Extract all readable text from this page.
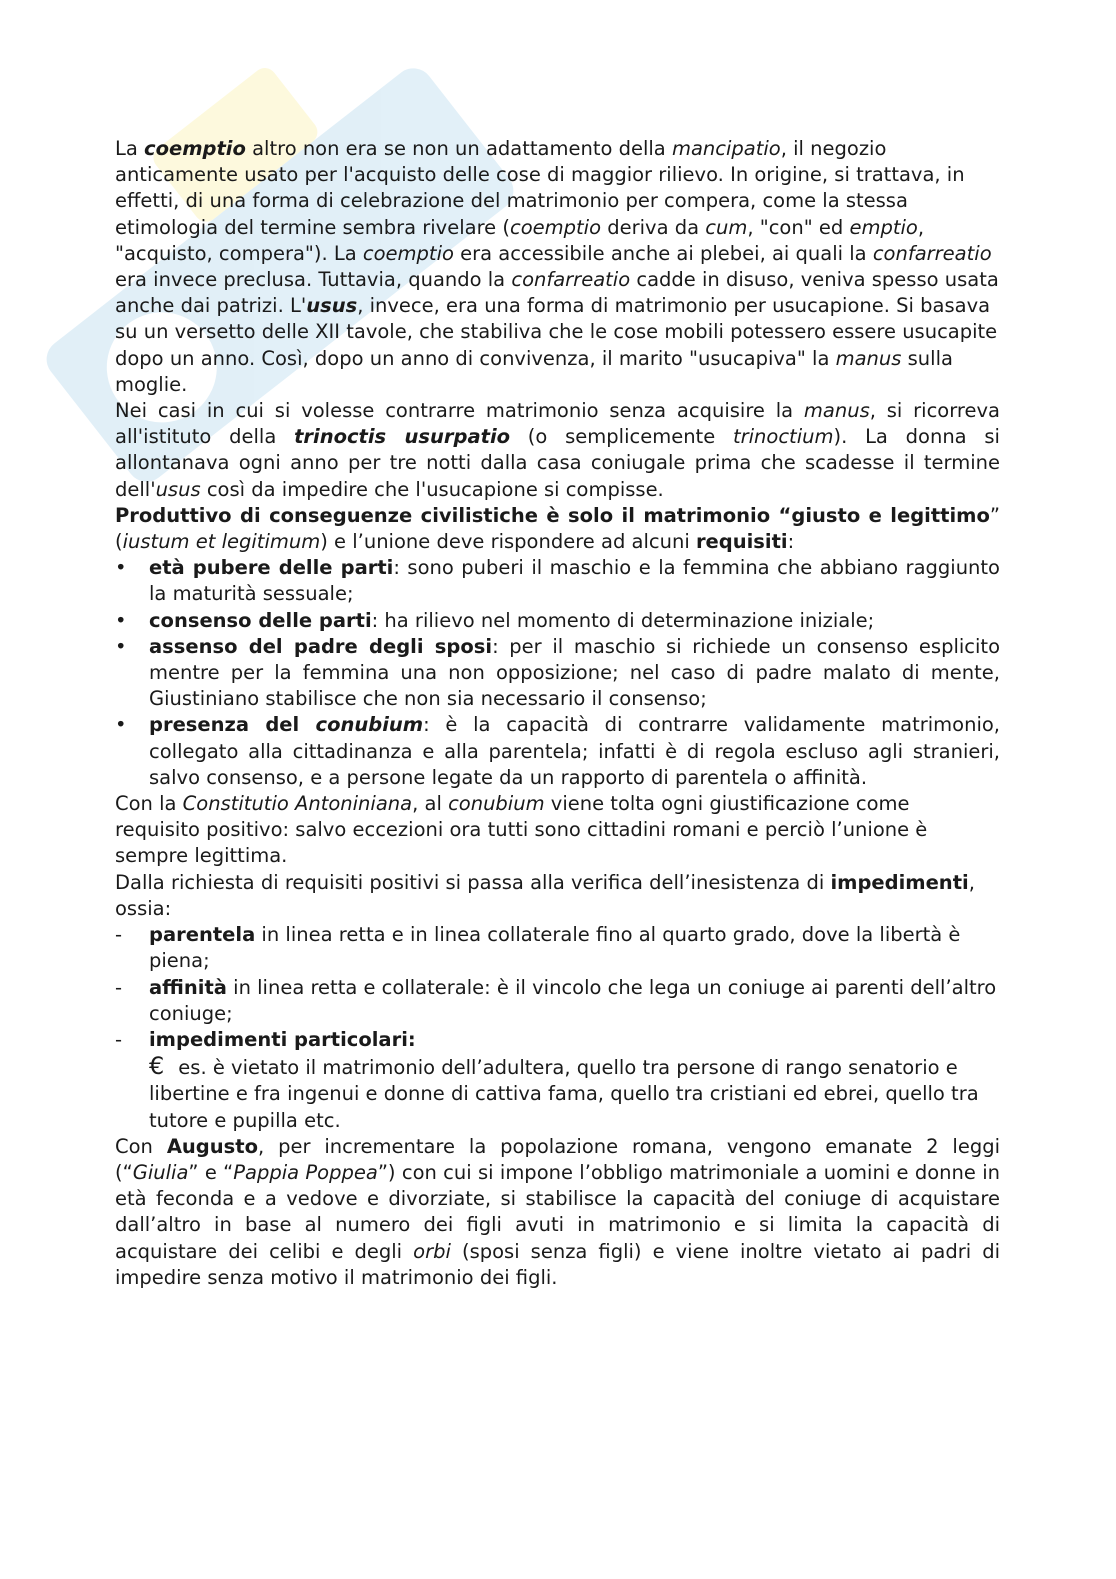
La coemptio altro non era se non un adattamento della mancipatio, il negozio anticamente usato per l'acquisto delle cose di maggior rilievo. In origine, si trattava, in effetti, di una forma di celebrazione del matrimonio per compera, come la stessa etimologia del termine sembra rivelare (coemptio deriva da cum, "con" ed emptio, "acquisto, compera"). La coemptio era accessibile anche ai plebei, ai quali la confarreatio era invece preclusa. Tuttavia, quando la confarreatio cadde in disuso, veniva spesso usata anche dai patrizi. L'usus, invece, era una forma di matrimonio per usucapione. Si basava su un versetto delle XII tavole, che stabiliva che le cose mobili potessero essere usucapite dopo un anno. Così, dopo un anno di convivenza, il marito "usucapiva" la manus sulla moglie.

Nei casi in cui si volesse contrarre matrimonio senza acquisire la manus, si ricorreva all'istituto della trinoctis usurpatio (o semplicemente trinoctium). La donna si allontanava ogni anno per tre notti dalla casa coniugale prima che scadesse il termine dell'usus così da impedire che l'usucapione si compisse.

Produttivo di conseguenze civilistiche è solo il matrimonio “giusto e legittimo” (iustum et legitimum) e l’unione deve rispondere ad alcuni requisiti:

• età pubere delle parti: sono puberi il maschio e la femmina che abbiano raggiunto la maturità sessuale;
• consenso delle parti: ha rilievo nel momento di determinazione iniziale;
• assenso del padre degli sposi: per il maschio si richiede un consenso esplicito mentre per la femmina una non opposizione; nel caso di padre malato di mente, Giustiniano stabilisce che non sia necessario il consenso;
• presenza del conubium: è la capacità di contrarre validamente matrimonio, collegato alla cittadinanza e alla parentela; infatti è di regola escluso agli stranieri, salvo consenso, e a persone legate da un rapporto di parentela o affinità.

Con la Constitutio Antoniniana, al conubium viene tolta ogni giustificazione come requisito positivo: salvo eccezioni ora tutti sono cittadini romani e perciò l’unione è sempre legittima.

Dalla richiesta di requisiti positivi si passa alla verifica dell’inesistenza di impedimenti, ossia:

- parentela in linea retta e in linea collaterale fino al quarto grado, dove la libertà è piena;
- affinità in linea retta e collaterale: è il vincolo che lega un coniuge ai parenti dell’altro coniuge;
- impedimenti particolari:

€ es. è vietato il matrimonio dell’adultera, quello tra persone di rango senatorio e libertine e fra ingenui e donne di cattiva fama, quello tra cristiani ed ebrei, quello tra tutore e pupilla etc.

Con Augusto, per incrementare la popolazione romana, vengono emanate 2 leggi (“Giulia” e “Pappia Poppea”) con cui si impone l’obbligo matrimoniale a uomini e donne in età feconda e a vedove e divorziate, si stabilisce la capacità del coniuge di acquistare dall’altro in base al numero dei figli avuti in matrimonio e si limita la capacità di acquistare dei celibi e degli orbi (sposi senza figli) e viene inoltre vietato ai padri di impedire senza motivo il matrimonio dei figli.
